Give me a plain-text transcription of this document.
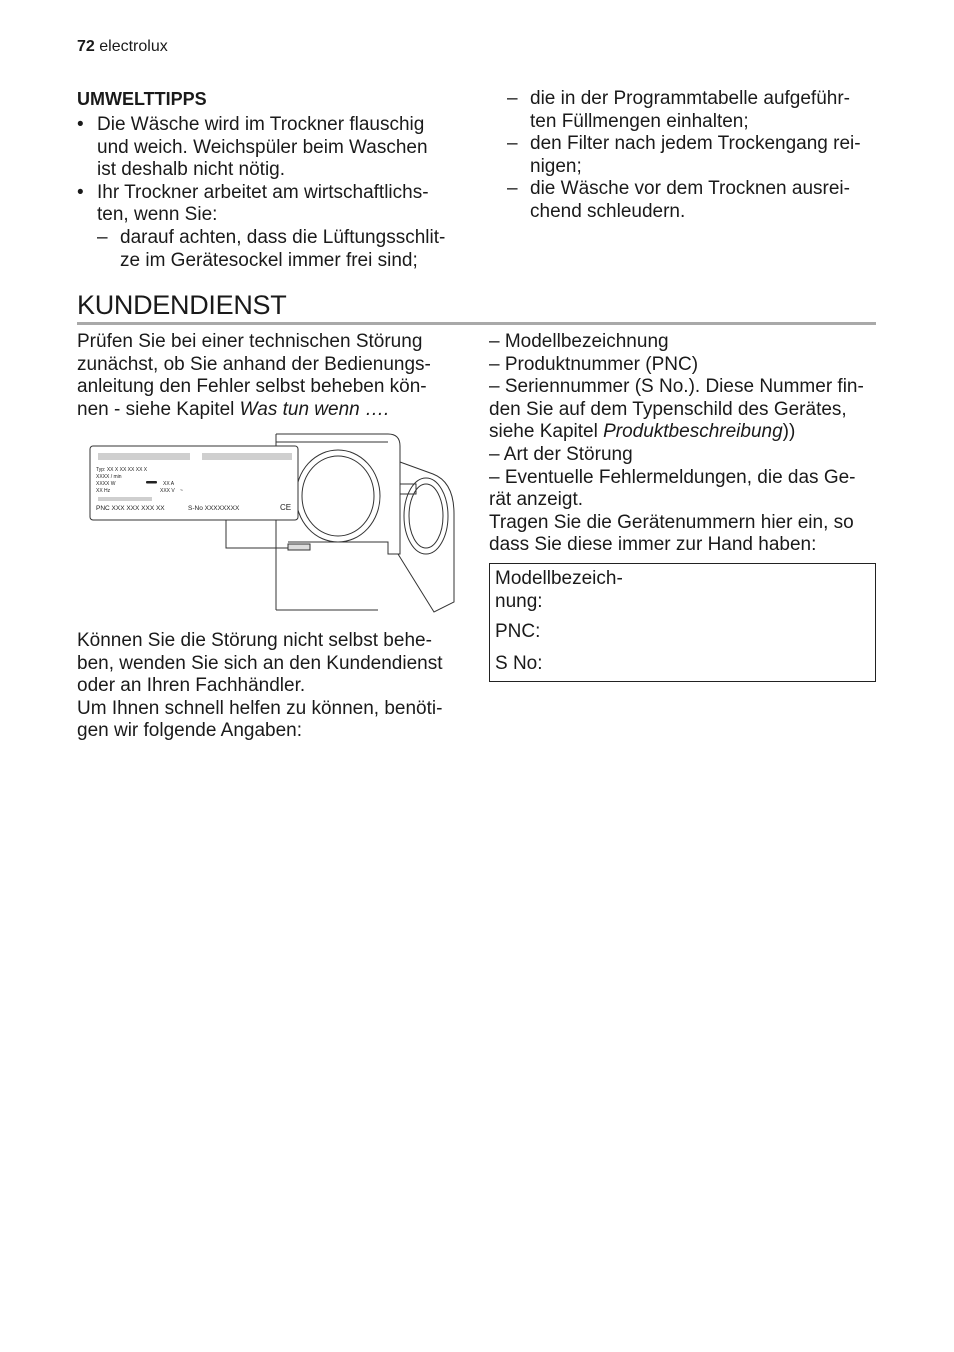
72 electrolux
UMWELTTIPPS
• Die Wäsche wird im Trockner flauschig
und weich. Weichspüler beim Waschen
ist deshalb nicht nötig.
• Ihr Trockner arbeitet am wirtschaftlichs-
ten, wenn Sie:
– darauf achten, dass die Lüftungsschlit-
ze im Gerätesockel immer frei sind;
– die in der Programmtabelle aufgeführ-
ten Füllmengen einhalten;
– den Filter nach jedem Trockengang rei-
nigen;
– die Wäsche vor dem Trocknen ausrei-
chend schleudern.
KUNDENDIENST
Prüfen Sie bei einer technischen Störung
zunächst, ob Sie anhand der Bedienungs-
anleitung den Fehler selbst beheben kön-
nen - siehe Kapitel Was tun wenn ….
Typ: XX X XX XX XX X
XXXX / min
XXXX W
XX Hz
XX A
XXX V ~
PNC XXX XXX XXX XX	S-No XXXXXXXX	CE
Können Sie die Störung nicht selbst behe-
ben, wenden Sie sich an den Kundendienst
oder an Ihren Fachhändler.
Um Ihnen schnell helfen zu können, benöti-
gen wir folgende Angaben:
– Modellbezeichnung
– Produktnummer (PNC)
– Seriennummer (S No.). Diese Nummer fin-
den Sie auf dem Typenschild des Gerätes,
siehe Kapitel Produktbeschreibung))
– Art der Störung
– Eventuelle Fehlermeldungen, die das Ge-
rät anzeigt.
Tragen Sie die Gerätenummern hier ein, so
dass Sie diese immer zur Hand haben:
Modellbezeich-
nung:
PNC:
S No:
